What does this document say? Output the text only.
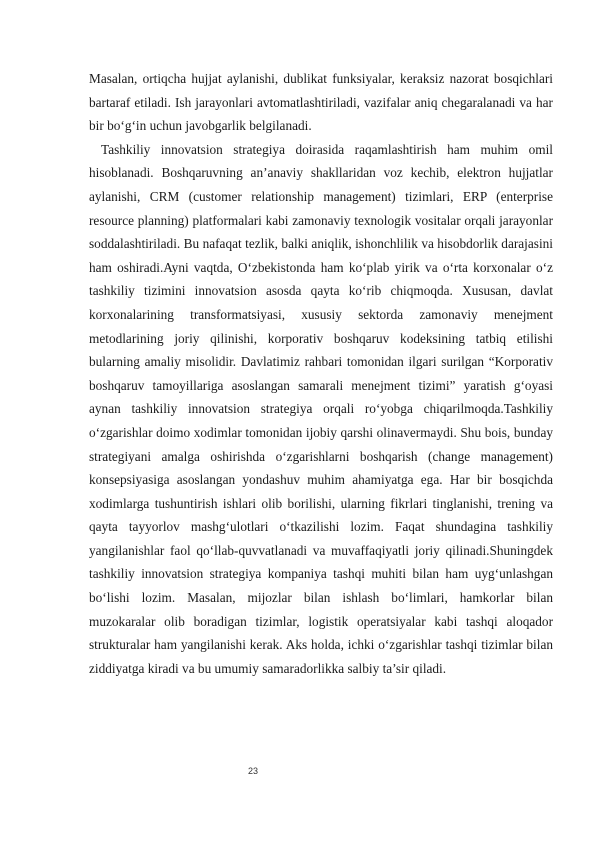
Masalan, ortiqcha hujjat aylanishi, dublikat funksiyalar, keraksiz nazorat bosqichlari bartaraf etiladi. Ish jarayonlari avtomatlashtiriladi, vazifalar aniq chegaralanadi va har bir bo‘g‘in uchun javobgarlik belgilanadi.

Tashkiliy innovatsion strategiya doirasida raqamlashtirish ham muhim omil hisoblanadi. Boshqaruvning an’anaviy shakllaridan voz kechib, elektron hujjatlar aylanishi, CRM (customer relationship management) tizimlari, ERP (enterprise resource planning) platformalari kabi zamonaviy texnologik vositalar orqali jarayonlar soddalashtiriladi. Bu nafaqat tezlik, balki aniqlik, ishonchlilik va hisobdorlik darajasini ham oshiradi.Ayni vaqtda, O‘zbekistonda ham ko‘plab yirik va o‘rta korxonalar o‘z tashkiliy tizimini innovatsion asosda qayta ko‘rib chiqmoqda. Xususan, davlat korxonalarining transformatsiyasi, xususiy sektorda zamonaviy menejment metodlarining joriy qilinishi, korporativ boshqaruv kodeksining tatbiq etilishi bularning amaliy misolidir. Davlatimiz rahbari tomonidan ilgari surilgan “Korporativ boshqaruv tamoyillariga asoslangan samarali menejment tizimi” yaratish g‘oyasi aynan tashkiliy innovatsion strategiya orqali ro‘yobga chiqarilmoqda.Tashkiliy o‘zgarishlar doimo xodimlar tomonidan ijobiy qarshi olinavermaydi. Shu bois, bunday strategiyani amalga oshirishda o‘zgarishlarni boshqarish (change management) konsepsiyasiga asoslangan yondashuv muhim ahamiyatga ega. Har bir bosqichda xodimlarga tushuntirish ishlari olib borilishi, ularning fikrlari tinglanishi, trening va qayta tayyorlov mashg‘ulotlari o‘tkazilishi lozim. Faqat shundagina tashkiliy yangilanishlar faol qo‘llab-quvvatlanadi va muvaffaqiyatli joriy qilinadi.Shuningdek tashkiliy innovatsion strategiya kompaniya tashqi muhiti bilan ham uyg‘unlashgan bo‘lishi lozim. Masalan, mijozlar bilan ishlash bo‘limlari, hamkorlar bilan muzokaralar olib boradigan tizimlar, logistik operatsiyalar kabi tashqi aloqador strukturalar ham yangilanishi kerak. Aks holda, ichki o‘zgarishlar tashqi tizimlar bilan ziddiyatga kiradi va bu umumiy samaradorlikka salbiy ta’sir qiladi.

23
